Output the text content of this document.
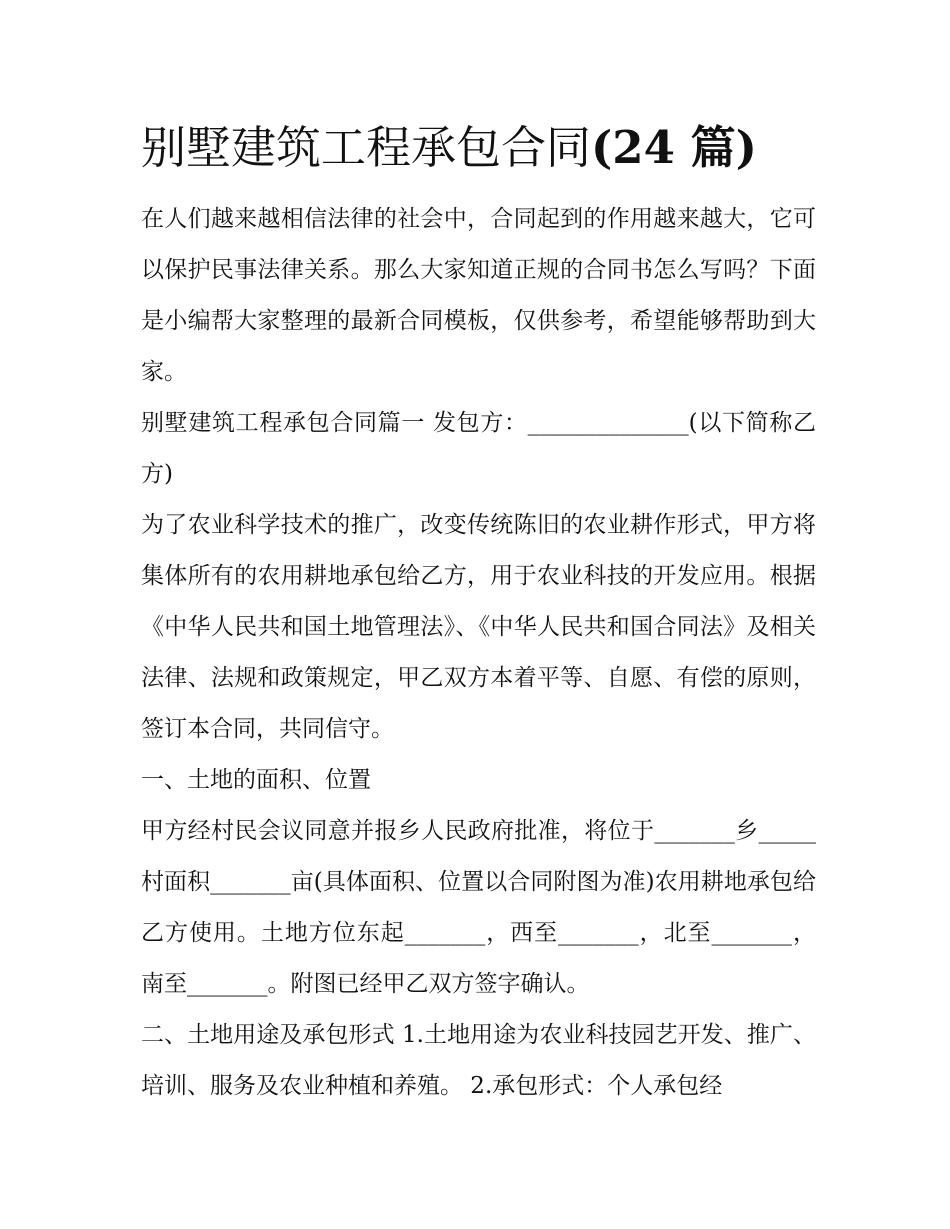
别墅建筑工程承包合同(24 篇)

在人们越来越相信法律的社会中，合同起到的作用越来越大，它可以保护民事法律关系。那么大家知道正规的合同书怎么写吗？下面是小编帮大家整理的最新合同模板，仅供参考，希望能够帮助到大家。

别墅建筑工程承包合同篇一 发包方：______________(以下简称乙方)

为了农业科学技术的推广，改变传统陈旧的农业耕作形式，甲方将集体所有的农用耕地承包给乙方，用于农业科技的开发应用。根据《中华人民共和国土地管理法》、《中华人民共和国合同法》及相关法律、法规和政策规定，甲乙双方本着平等、自愿、有偿的原则，签订本合同，共同信守。

一、土地的面积、位置

甲方经村民会议同意并报乡人民政府批准，将位于_______乡_____村面积_______亩(具体面积、位置以合同附图为准)农用耕地承包给乙方使用。土地方位东起_______，西至_______，北至_______，南至_______。附图已经甲乙双方签字确认。

二、土地用途及承包形式 1.土地用途为农业科技园艺开发、推广、培训、服务及农业种植和养殖。 2.承包形式：个人承包经
